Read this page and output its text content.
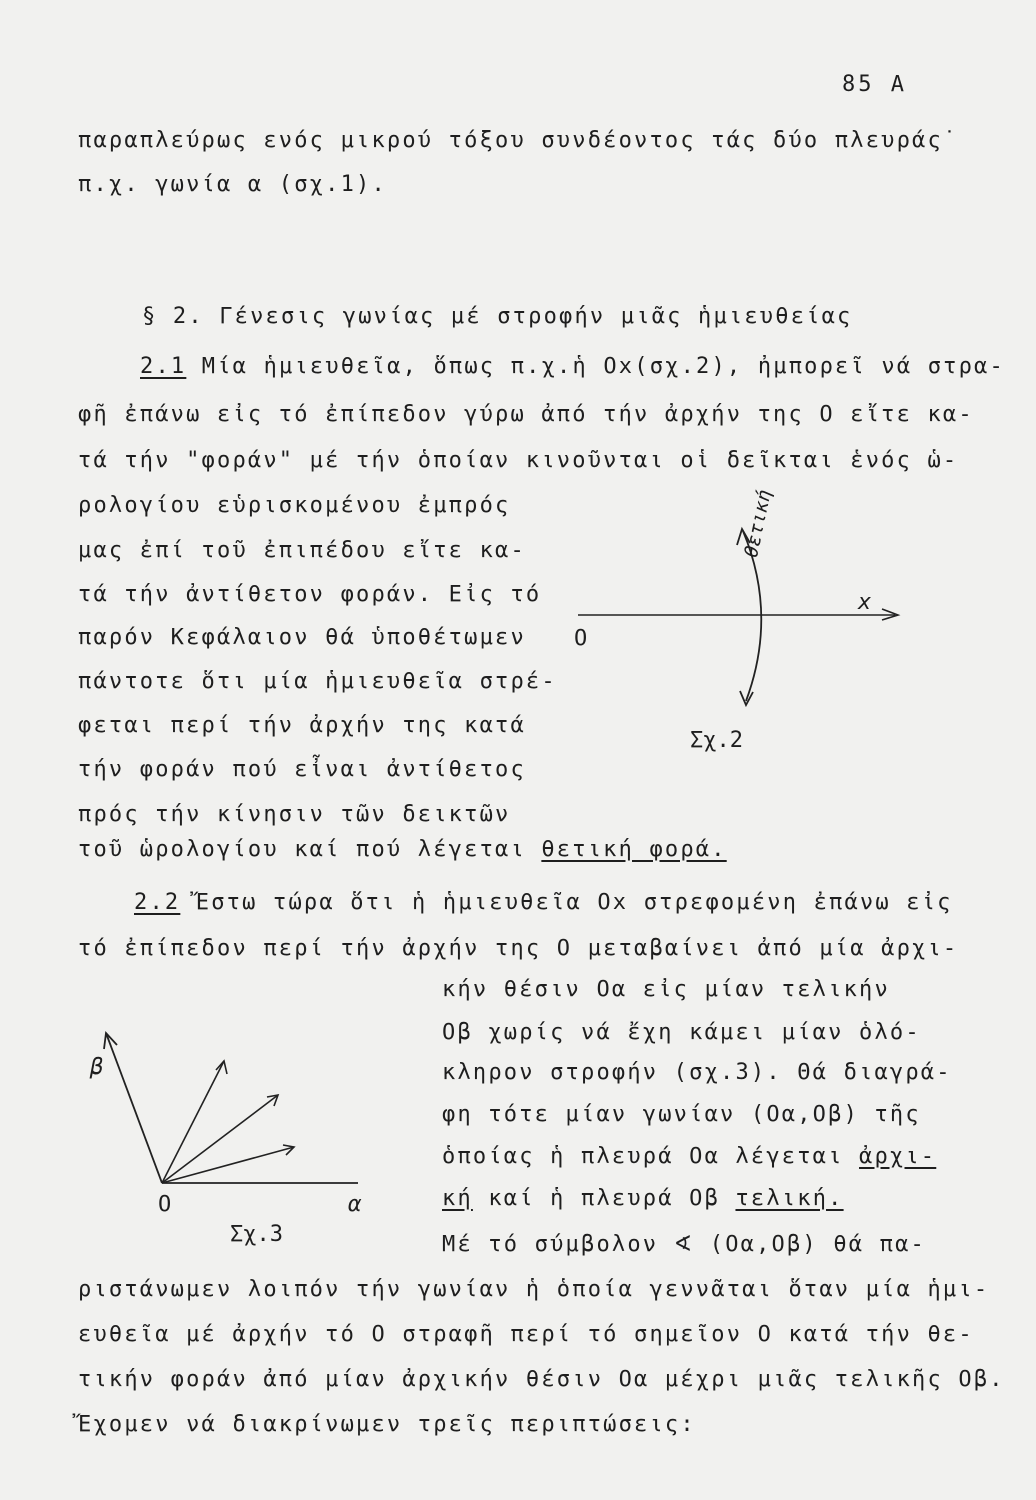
85 Α
παραπλεύρως ενός μικρού τόξου συνδέοντος τάς δύο πλευράς˙
π.χ. γωνία α (σχ.1).
§ 2. Γένεσις γωνίας μέ στροφήν μιᾶς ἡμιευθείας
2.1 Μία ἡμιευθεῖα, ὅπως π.χ.ἡ Οx(σχ.2), ἠμπορεῖ νά στρα-
φῆ ἐπάνω εἰς τό ἐπίπεδον γύρω ἀπό τήν ἀρχήν της Ο εἴτε κα-
τά τήν "φοράν" μέ τήν ὁποίαν κινοῦνται οἱ δεῖκται ἑνός ὡ-
ρολογίου εὑρισκομένου ἐμπρός
μας ἐπί τοῦ ἐπιπέδου εἴτε κα-
τά τήν ἀντίθετον φοράν. Εἰς τό
παρόν Κεφάλαιον θά ὑποθέτωμεν
πάντοτε ὅτι μία ἡμιευθεῖα στρέ-
φεται περί τήν ἀρχήν της κατά
τήν φοράν πού εἶναι ἀντίθετος
πρός τήν κίνησιν τῶν δεικτῶν
τοῦ ὡρολογίου καί πού λέγεται θετική φορά.
Ο
x
θετική
Σχ.2
2.2 Ἔστω τώρα ὅτι ἡ ἡμιευθεῖα Οx στρεφομένη ἐπάνω εἰς
τό ἐπίπεδον περί τήν ἀρχήν της Ο μεταβαίνει ἀπό μία ἀρχι-
κήν θέσιν Οα εἰς μίαν τελικήν
Οβ χωρίς νά ἔχη κάμει μίαν ὁλό-
κληρον στροφήν (σχ.3). Θά διαγρά-
φη τότε μίαν γωνίαν (Οα,Οβ) τῆς
ὁποίας ἡ πλευρά Οα λέγεται ἀρχι-
κή καί ἡ πλευρά Οβ τελική.
β
Ο	α
Σχ.3	Μέ τό σύμβολον ∢ (Οα,Οβ) θά πα-
ριστάνωμεν λοιπόν τήν γωνίαν ἡ ὁποία γεννᾶται ὅταν μία ἡμι-
ευθεῖα μέ ἀρχήν τό Ο στραφῆ περί τό σημεῖον Ο κατά τήν θε-
τικήν φοράν ἀπό μίαν ἀρχικήν θέσιν Οα μέχρι μιᾶς τελικῆς Οβ.
Ἔχομεν νά διακρίνωμεν τρεῖς περιπτώσεις:
